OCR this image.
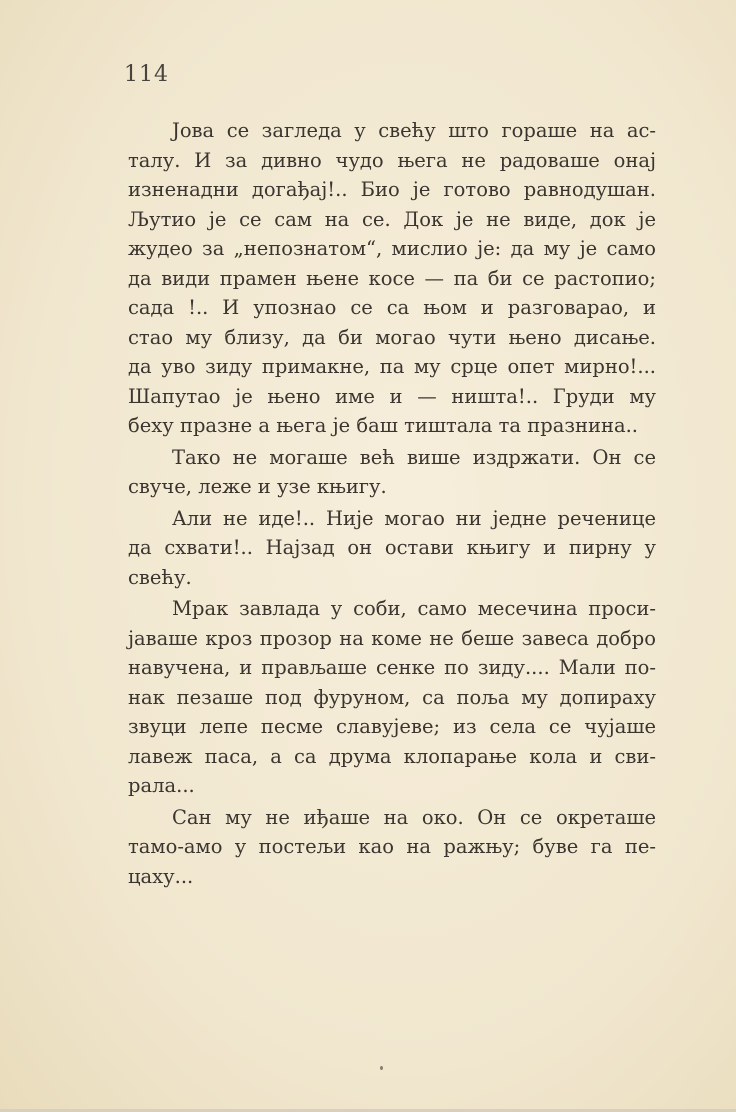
114
Јова се загледа у свећу што гораше на ас-
талу. И за дивно чудо њега не радоваше онај
изненадни догађај!.. Био је готово равнодушан.
Љутио је се сам на се. Док је не виде, док је
жудео за „непознатом“, мислио је: да му је само
да види прамен њене косе — па би се растопио;
сада !.. И упознао се са њом и разговарао, и
стао му близу, да би могао чути њено дисање.
да уво зиду примакне, па му срце опет мирно!...
Шапутао је њено име и — ништа!.. Груди му
беху празне а њега је баш тиштала та празнина..
Тако не могаше већ више издржати. Он се
свуче, леже и узе књигу.
Али не иде!.. Није могао ни једне реченице
да схвати!.. Најзад он остави књигу и пирну у
свећу.
Мрак завлада у соби, само месечина проси-
јаваше кроз прозор на коме не беше завеса добро
навучена, и прављаше сенке по зиду.... Мали по-
нак пезаше под фуруном, са поља му допираху
звуци лепе песме славујеве; из села се чујаше
лавеж паса, а са друма клопарање кола и сви-
рала...
Сан му не иђаше на око. Он се окреташе
тамо-амо у постељи као на ражњу; буве га пе-
цаху...
